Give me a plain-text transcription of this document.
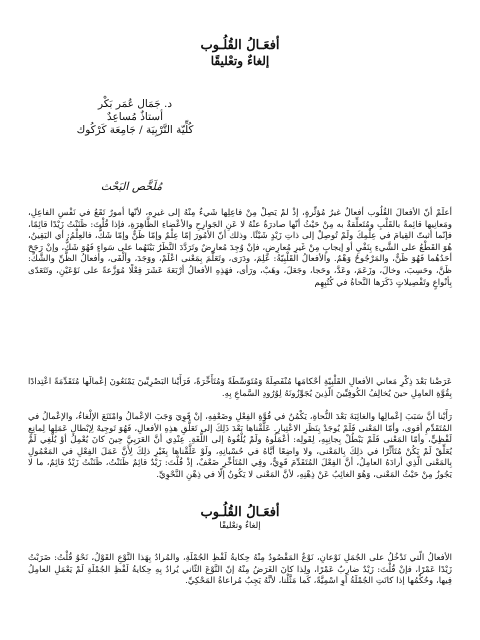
أفعَـالُ القُلُـوب
إلغاءٌ وتعْليقًا
د. جَمَال عُمَر بَكْر
أستاذٌ مُساعِدٌ
كُلِّيّة التَّرْبِيَة / جَامِعَة كَرْكُوك
مُلَخَّص البَحْث

أعلَمْ أنّ الأفعالَ القُلُوب أفعالٌ غيرُ مُؤثِّرةٍ، إذْ لمْ يَصِلْ مِنْ فاعِلِها شَيءٌ مِنْهُ إلى غيرِه، لأنّها أمورٌ تَقَعُ في نَفْسِ الفاعِلِ، ومَعانِيها قائِمةٌ بالقَلْبِ ومُتَعلِّقةٌ به مِنْ حَيْثُ أنّها صادرَةٌ عنْهُ لا عَنِ الجَوارِحِ والأعْضاءِ الظَّاهِرَةِ، فإذا قُلْتَ: ظَنَنْتُ زَيْدًا قائِمًا، فإنّما أثبتّ القِيامَ في عِلْمِكَ ولَمْ تُوصِلْ إلى ذاتِ زَيْدٍ شَيْئًا. وذلك أنّ الأمُورَ إمّا عِلْمٌ وإمّا ظَنٌّ وإمّا شَكٌّ، فالعِلْمُ: أي اليَقِينُ، هُوَ القَطْعُ على الشَّيءِ بِنَفْيِ أو إيجابٍ مِنْ غَيرِ مُعارِضٍ، فإنْ وُجِدَ مُعارِضٌ وتَرَدَّدَ النَّظَرُ بَيْنَهُما على سَواءٍ فَهُوَ شَكٌّ، وإنْ رَجَحَ أحَدُهُما فَهُوَ ظَنٌّ، والمَرْجُوحُ وَهْمٌ. والأفعالُ القَلْبِيّةُ: عَلِمَ، ودَرَى، وتَعَلَّمَ بِمَعْنى اعْلَمْ، ووَجَدَ، وألْفَى، وأفعالُ الظَّنِّ والشَّكِّ: ظَنَّ، وحَسِبَ، وخالَ، وزَعَمَ، وعَدَّ، وحَجا، وجَعَلَ، وهَبْ، ورَأى، فهَذِهِ الأفعالُ أرْبَعَةَ عَشَرَ فِعْلًا مُوَزَّعةً على نَوْعَيْنِ، وتَتَعَدّى بِأنْواعٍ وتَفْصِيلاتٍ ذَكَرَها النَّحاةُ في كُتُبِهِم

عَرَضْنا بَعْدَ ذِكْرِ مَعاني الأفعالِ القَلْبِيّةِ أحْكامَها مُنْفَصِلَةً وَمُتَوَسِّطَةً وَمُتَأَخِّرَةً، فَرَأَيْنا البَصْرِيِّينَ يَمْنَعُونَ إعْمالَها مُتَقَدِّمَةً اعْتِدادًا بِقُوَّةِ العامِلِ حينَ يُخالِفُ الكُوفِيِّينَ الّذِينَ يُجَوِّزُونَهُ لِوُرُودِ السَّماعِ بِهِ.

رَأَيْنا أنَّ سَبَبَ إعْمالِها والغائِبَةَ بَعْدَ النُّحاةِ، يَكْمُنُ في قُوَّةِ الفِعْلِ وضَعْفِهِ، إنْ قَوِيَ وَجَبَ الإعْمالُ وامْتَنَعَ الإلْغاءُ، والإعْمالُ في المُتَقَدِّمِ أقوى، وأمّا المَعْنى فَلَمْ يُوجَدْ بِنَظَرِ الاعْتِبارِ. عَلَّقْناها بَعْدَ ذَلِكَ إلى تَعَلُّقِ هذِهِ الأفعالِ، فَهُوَ تَوجِيهٌ لِإبْطالِ عَمَلِها لِمانِعٍ لَفْظِيٍّ، وأمّا المَعْنى فَلَمْ يَبْطُلْ بِجانِبِهِ، لِقَولِه: أعْمَلُوهُ ولَمْ يُلْغُوهُ إلى اللُّغَةِ. عِنْدِي أنَّ العَرَبِيَّ حِينَ كانَ يُعْمِلُ أوْ يُلْغِي لَمْ يُعَلِّقْ لَمْ يَكُنْ مُتَأثِّرًا في ذلِكَ بِالمَعْنى، ولا واضِعًا أيَّاهُ في حُسْبانِهِ، ولَوْ عَلَّقْناها بِغَيْرِ ذلِكَ لِأَنَّ عَمَلَ الفِعْلِ في المَعْمُولِ بِالمَعْنى الّذِي أرادَهُ العامِلُ، أنَّ الفِعْلَ المُتَقَدِّمَ قَوِيٌّ، وفِي المُتَأخِّرِ ضَعْفٌ، إذْ قُلْتَ: زَيْدٌ قائِمٌ ظَنَنْتُ، ظَنَنْتُ زَيْدٌ قائِمٌ، ما لا يَجُوزُ مِنْ حَيْثُ المَعْنى، وَهُوَ الغائِبُ عَنْ ذِهْنِهِ، لأنَّ المَعْنى لا يَكُونُ إلّا في ذِهْنِ النَّحْوِيِّ.

أفعَـالُ القُلُـوب
إلغاءٌ وتعْليقًا

الأفعالُ الّتي تَدْخُلُ على الجُمَلِ نَوْعانِ، نَوْعٌ المَقْصُودُ مِنْهُ حِكايةُ لَفْظِ الجُمْلَةِ، والمُرادُ بِهَذا النَّوْعِ القَوْلُ، نَحْوُ قُلْتُ: ضَرَبْتُ زَيْدًا عَمْرًا، فإنْ قُلْتَ: زَيْدٌ ضارِبٌ عَمْرًا، ولِذا كانَ الغَرَضُ مِنْهُ إنّ النَّوْعَ الثّاني يُرادُ بِهِ حِكايةُ لَفْظِ الجُمْلَةِ لَمْ يَعْمَلِ العامِلُ فِيها، وحُكْمُها إذا كانَتِ الجُمْلَةُ أوِ اسْمِيَّةً، كَما مَثَّلْنا، لأنَّهُ يَجِبُ مُراعاةُ المَحْكِيِّ.
